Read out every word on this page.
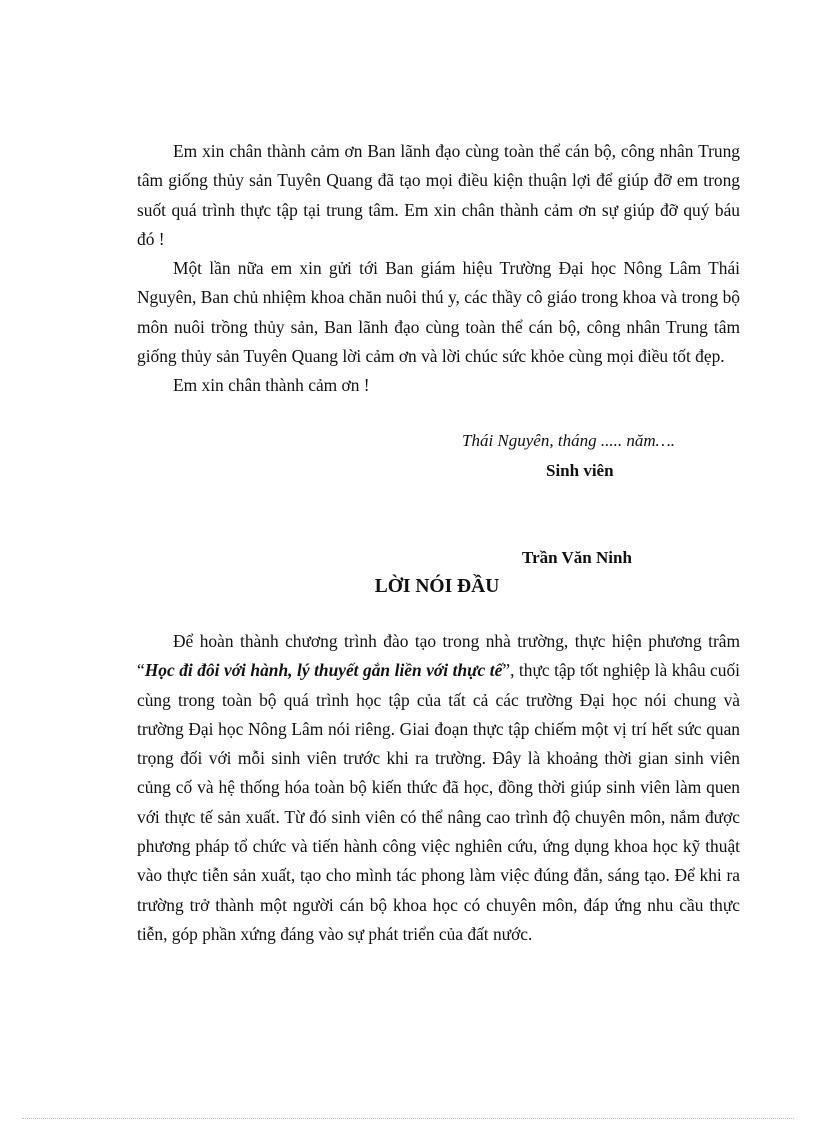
Em xin chân thành cảm ơn Ban lãnh đạo cùng toàn thể cán bộ, công nhân Trung tâm giống thủy sản Tuyên Quang đã tạo mọi điều kiện thuận lợi để giúp đỡ em trong suốt quá trình thực tập tại trung tâm. Em xin chân thành cảm ơn sự giúp đỡ quý báu đó !

Một lần nữa em xin gửi tới Ban giám hiệu Trường Đại học Nông Lâm Thái Nguyên, Ban chủ nhiệm khoa chăn nuôi thú y, các thầy cô giáo trong khoa và trong bộ môn nuôi trồng thủy sản, Ban lãnh đạo cùng toàn thể cán bộ, công nhân Trung tâm giống thủy sản Tuyên Quang lời cảm ơn và lời chúc sức khỏe cùng mọi điều tốt đẹp.

Em xin chân thành cảm ơn !

Thái Nguyên, tháng ..... năm….
Sinh viên
Trần Văn Ninh
LỜI NÓI ĐẦU

Để hoàn thành chương trình đào tạo trong nhà trường, thực hiện phương trâm “Học đi đôi với hành, lý thuyết gắn liền với thực tế”, thực tập tốt nghiệp là khâu cuối cùng trong toàn bộ quá trình học tập của tất cả các trường Đại học nói chung và trường Đại học Nông Lâm nói riêng. Giai đoạn thực tập chiếm một vị trí hết sức quan trọng đối với mỗi sinh viên trước khi ra trường. Đây là khoảng thời gian sinh viên củng cố và hệ thống hóa toàn bộ kiến thức đã học, đồng thời giúp sinh viên làm quen với thực tế sản xuất. Từ đó sinh viên có thể nâng cao trình độ chuyên môn, nắm được phương pháp tổ chức và tiến hành công việc nghiên cứu, ứng dụng khoa học kỹ thuật vào thực tiễn sản xuất, tạo cho mình tác phong làm việc đúng đắn, sáng tạo. Để khi ra trường trở thành một người cán bộ khoa học có chuyên môn, đáp ứng nhu cầu thực tiễn, góp phần xứng đáng vào sự phát triển của đất nước.
